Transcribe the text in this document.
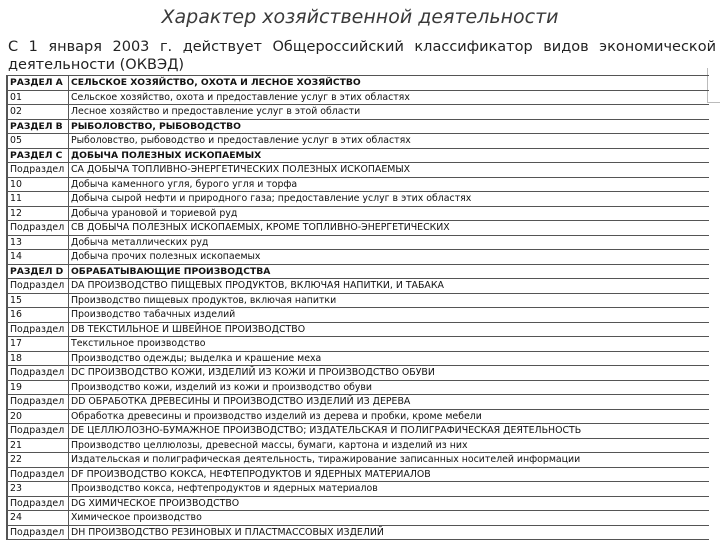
Характер хозяйственной деятельности

С 1 января 2003 г. действует Общероссийский классификатор видов экономической деятельности (ОКВЭД)

РАЗДЕЛ A	СЕЛЬСКОЕ ХОЗЯЙСТВО, ОХОТА И ЛЕСНОЕ ХОЗЯЙСТВО
01	Сельское хозяйство, охота и предоставление услуг в этих областях
02	Лесное хозяйство и предоставление услуг в этой области
РАЗДЕЛ B	РЫБОЛОВСТВО, РЫБОВОДСТВО
05	Рыболовство, рыбоводство и предоставление услуг в этих областях
РАЗДЕЛ C	ДОБЫЧА ПОЛЕЗНЫХ ИСКОПАЕМЫХ
Подраздел	CA ДОБЫЧА ТОПЛИВНО-ЭНЕРГЕТИЧЕСКИХ ПОЛЕЗНЫХ ИСКОПАЕМЫХ
10	Добыча каменного угля, бурого угля и торфа
11	Добыча сырой нефти и природного газа; предоставление услуг в этих областях
12	Добыча урановой и ториевой руд
Подраздел	CB ДОБЫЧА ПОЛЕЗНЫХ ИСКОПАЕМЫХ, КРОМЕ ТОПЛИВНО-ЭНЕРГЕТИЧЕСКИХ
13	Добыча металлических руд
14	Добыча прочих полезных ископаемых
РАЗДЕЛ D	ОБРАБАТЫВАЮЩИЕ ПРОИЗВОДСТВА
Подраздел	DA ПРОИЗВОДСТВО ПИЩЕВЫХ ПРОДУКТОВ, ВКЛЮЧАЯ НАПИТКИ, И ТАБАКА
15	Производство пищевых продуктов, включая напитки
16	Производство табачных изделий
Подраздел	DB ТЕКСТИЛЬНОЕ И ШВЕЙНОЕ ПРОИЗВОДСТВО
17	Текстильное производство
18	Производство одежды; выделка и крашение меха
Подраздел	DC ПРОИЗВОДСТВО КОЖИ, ИЗДЕЛИЙ ИЗ КОЖИ И ПРОИЗВОДСТВО ОБУВИ
19	Производство кожи, изделий из кожи и производство обуви
Подраздел	DD ОБРАБОТКА ДРЕВЕСИНЫ И ПРОИЗВОДСТВО ИЗДЕЛИЙ ИЗ ДЕРЕВА
20	Обработка древесины и производство изделий из дерева и пробки, кроме мебели
Подраздел	DE ЦЕЛЛЮЛОЗНО-БУМАЖНОЕ ПРОИЗВОДСТВО; ИЗДАТЕЛЬСКАЯ И ПОЛИГРАФИЧЕСКАЯ ДЕЯТЕЛЬНОСТЬ
21	Производство целлюлозы, древесной массы, бумаги, картона и изделий из них
22	Издательская и полиграфическая деятельность, тиражирование записанных носителей информации
Подраздел	DF ПРОИЗВОДСТВО КОКСА, НЕФТЕПРОДУКТОВ И ЯДЕРНЫХ МАТЕРИАЛОВ
23	Производство кокса, нефтепродуктов и ядерных материалов
Подраздел	DG ХИМИЧЕСКОЕ ПРОИЗВОДСТВО
24	Химическое производство
Подраздел	DH ПРОИЗВОДСТВО РЕЗИНОВЫХ И ПЛАСТМАССОВЫХ ИЗДЕЛИЙ
